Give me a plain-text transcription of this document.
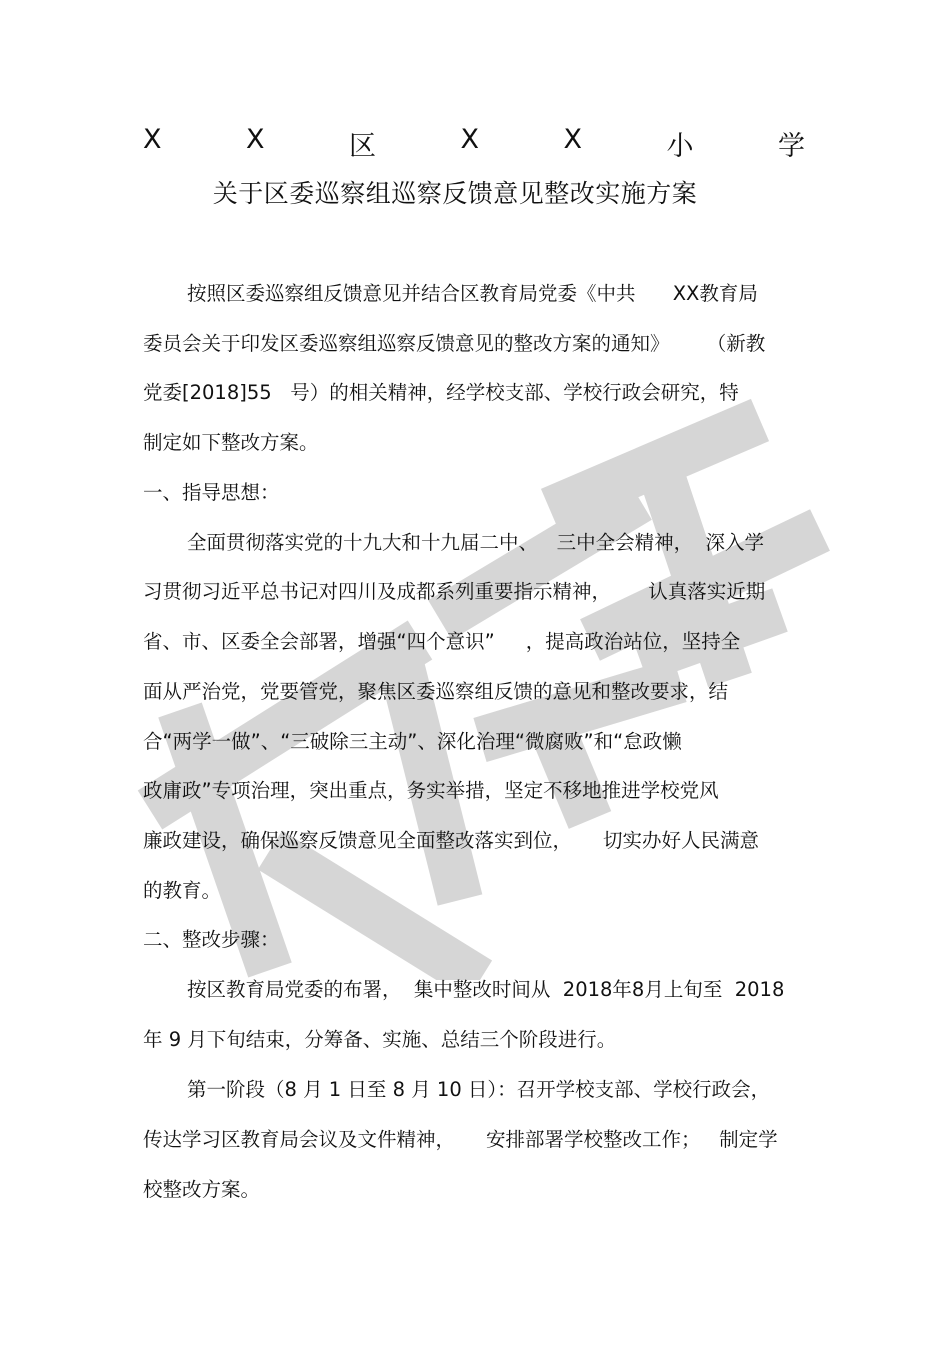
X	X	区	X	X	小	学
关于区委巡察组巡察反馈意见整改实施方案
按照区委巡察组反馈意见并结合区教育局党委《中共      XX教育局
委员会关于印发区委巡察组巡察反馈意见的整改方案的通知》      （新教
党委[2018]55   号）的相关精神，经学校支部、学校行政会研究，特
制定如下整改方案。
一、指导思想：
全面贯彻落实党的十九大和十九届二中、   三中全会精神，  深入学
习贯彻习近平总书记对四川及成都系列重要指示精神，      认真落实近期
省、市、区委全会部署，增强“四个意识”     ，提高政治站位，坚持全
面从严治党，党要管党，聚焦区委巡察组反馈的意见和整改要求，结
合“两学一做”、“三破除三主动”、深化治理“微腐败”和“怠政懒
政庸政”专项治理，突出重点，务实举措，坚定不移地推进学校党风
廉政建设，确保巡察反馈意见全面整改落实到位，     切实办好人民满意
的教育。
二、整改步骤：
按区教育局党委的布署，  集中整改时间从  2018年8月上旬至  2018
年 9 月下旬结束，分筹备、实施、总结三个阶段进行。
第一阶段（8 月 1 日至 8 月 10 日）：召开学校支部、学校行政会，
传达学习区教育局会议及文件精神，     安排部署学校整改工作；   制定学
校整改方案。
